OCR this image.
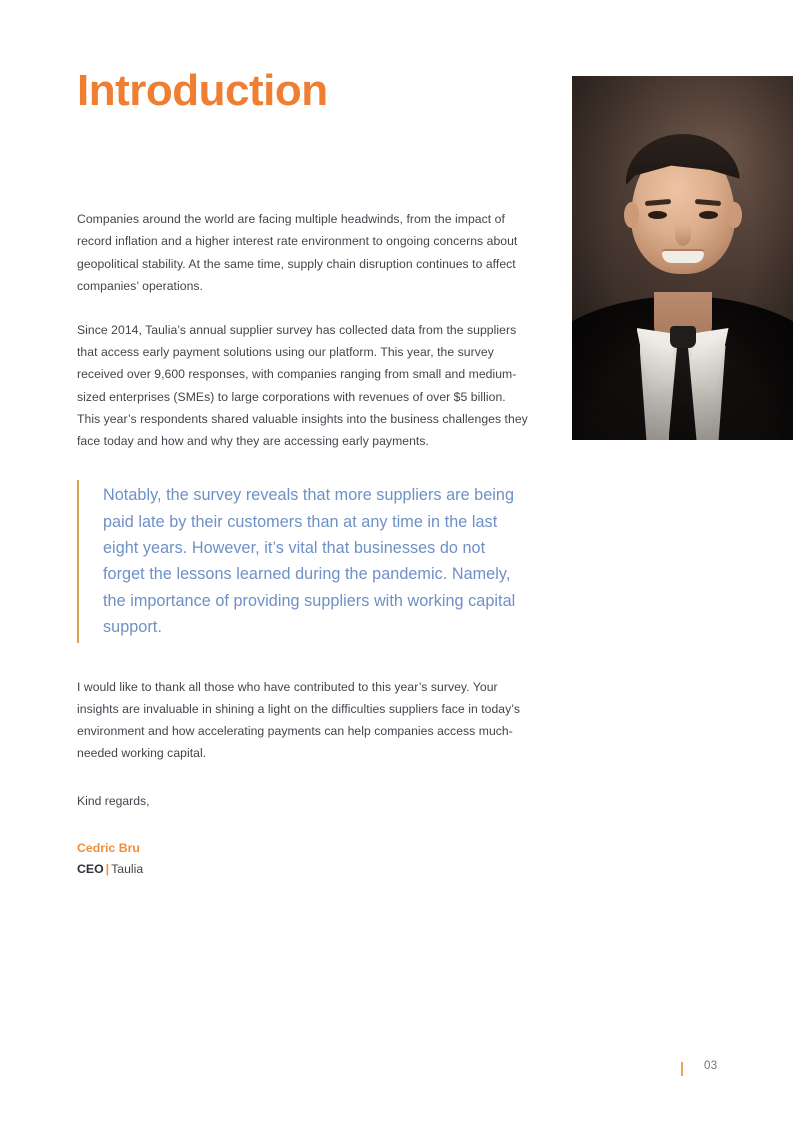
Introduction

Companies around the world are facing multiple headwinds, from the impact of record inflation and a higher interest rate environment to ongoing concerns about geopolitical stability. At the same time, supply chain disruption continues to affect companies’ operations.

Since 2014, Taulia’s annual supplier survey has collected data from the suppliers that access early payment solutions using our platform. This year, the survey received over 9,600 responses, with companies ranging from small and medium-sized enterprises (SMEs) to large corporations with revenues of over $5 billion. This year’s respondents shared valuable insights into the business challenges they face today and how and why they are accessing early payments.

Notably, the survey reveals that more suppliers are being paid late by their customers than at any time in the last eight years. However, it’s vital that businesses do not forget the lessons learned during the pandemic. Namely, the importance of providing suppliers with working capital support.

I would like to thank all those who have contributed to this year’s survey. Your insights are invaluable in shining a light on the difficulties suppliers face in today’s environment and how accelerating payments can help companies access much-needed working capital.

Kind regards,

Cedric Bru

CEO | Taulia

03
